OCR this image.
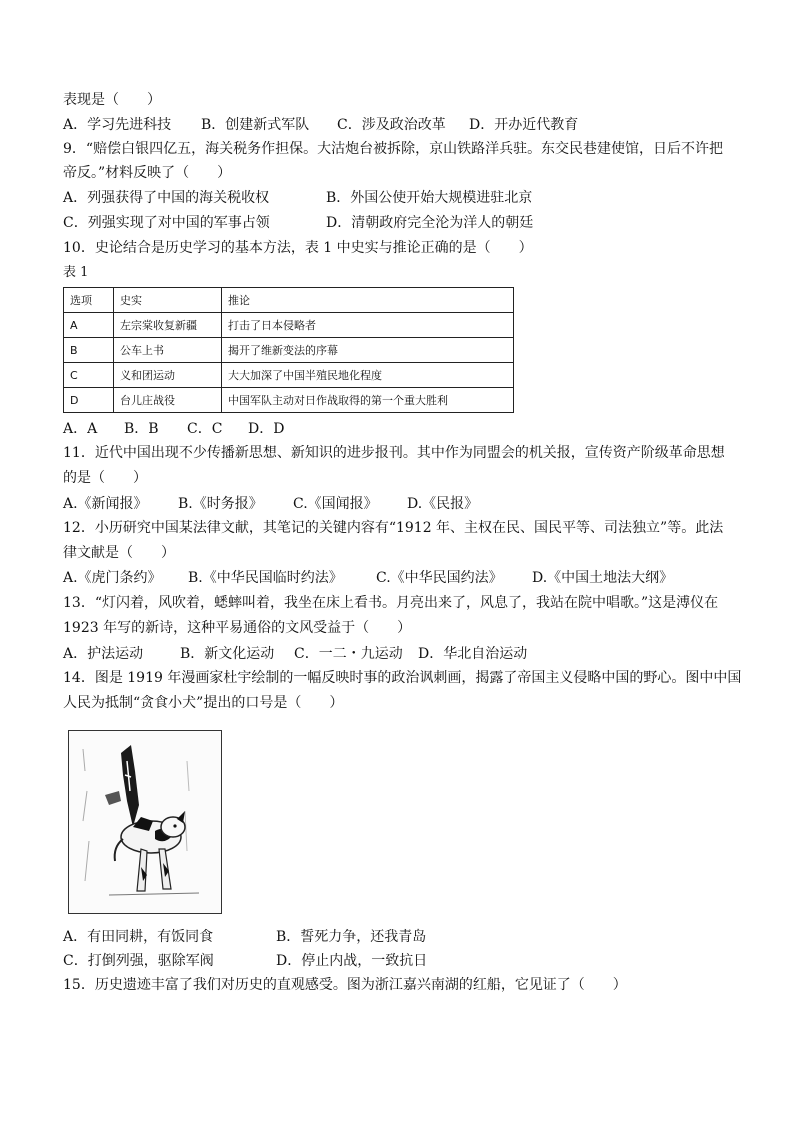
表现是（　　）
A．学习先进科技 B．创建新式军队 C．涉及政治改革 D．开办近代教育
9．“赔偿白银四亿五，海关税务作担保。大沽炮台被拆除，京山铁路洋兵驻。东交民巷建使馆，日后不许把
帝反。”材料反映了（　　）
A．列强获得了中国的海关税收权	B．外国公使开始大规模进驻北京
C．列强实现了对中国的军事占领	D．清朝政府完全沦为洋人的朝廷
10．史论结合是历史学习的基本方法，表 1 中史实与推论正确的是（　　）
表 1
选项	史实	推论
A	左宗棠收复新疆	打击了日本侵略者
B	公车上书	揭开了维新变法的序幕
C	义和团运动	大大加深了中国半殖民地化程度
D	台儿庄战役	中国军队主动对日作战取得的第一个重大胜利
A．A B．B C．C D．D
11．近代中国出现不少传播新思想、新知识的进步报刊。其中作为同盟会的机关报，宣传资产阶级革命思想
的是（　　）
A.《新闻报》 B.《时务报》 C.《国闻报》 D.《民报》
12．小历研究中国某法律文献，其笔记的关键内容有“1912 年、主权在民、国民平等、司法独立”等。此法
律文献是（　　）
A.《虎门条约》 B.《中华民国临时约法》 C.《中华民国约法》 D.《中国土地法大纲》
13．“灯闪着，风吹着，蟋蟀叫着，我坐在床上看书。月亮出来了，风息了，我站在院中唱歌。”这是溥仪在
1923 年写的新诗，这种平易通俗的文风受益于（　　）
A．护法运动	B．新文化运动 C．一二・九运动 D．华北自治运动
14．图是 1919 年漫画家杜宇绘制的一幅反映时事的政治讽刺画，揭露了帝国主义侵略中国的野心。图中中国
人民为抵制“贪食小犬”提出的口号是（　　）
A．有田同耕，有饭同食	B．誓死力争，还我青岛
C．打倒列强，驱除军阀	D．停止内战，一致抗日
15．历史遗迹丰富了我们对历史的直观感受。图为浙江嘉兴南湖的红船，它见证了（　　）
